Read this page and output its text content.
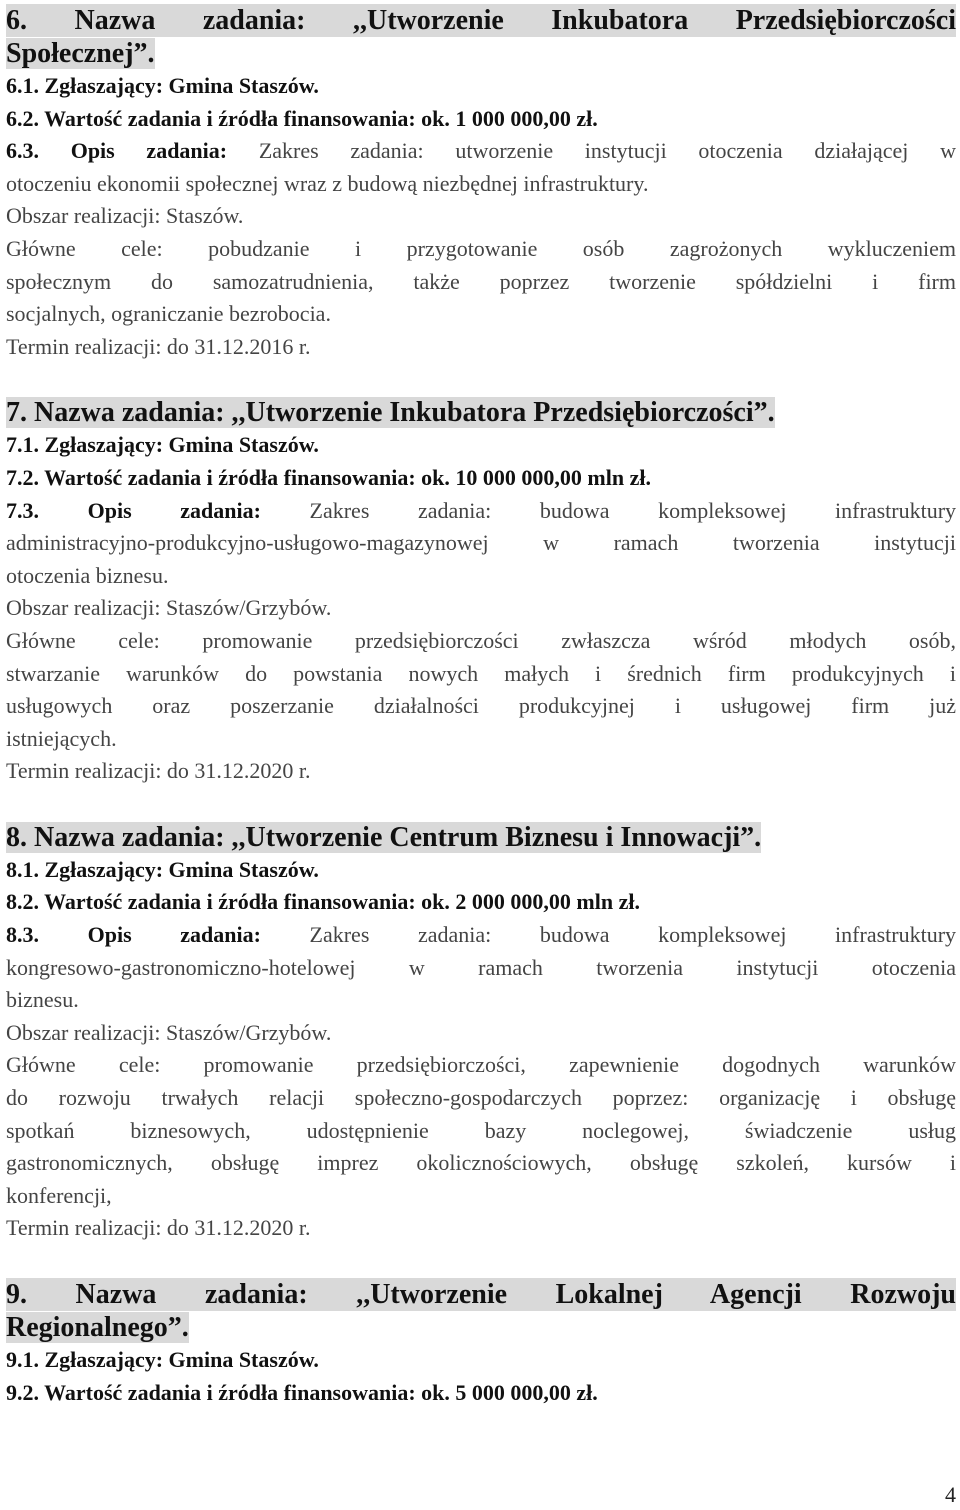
6. Nazwa zadania: ,,Utworzenie Inkubatora Przedsiębiorczości

Społecznej”.

6.1. Zgłaszający: Gmina Staszów.

6.2. Wartość zadania i źródła finansowania: ok. 1 000 000,00 zł.

6.3. Opis zadania: Zakres zadania: utworzenie instytucji otoczenia działającej w

otoczeniu ekonomii społecznej wraz z budową niezbędnej infrastruktury.

Obszar realizacji: Staszów.

Główne cele: pobudzanie i przygotowanie osób zagrożonych wykluczeniem

społecznym do samozatrudnienia, także poprzez tworzenie spółdzielni i firm

socjalnych, ograniczanie bezrobocia.

Termin realizacji: do 31.12.2016 r.

7. Nazwa zadania: ,,Utworzenie Inkubatora Przedsiębiorczości”.

7.1. Zgłaszający: Gmina Staszów.

7.2. Wartość zadania i źródła finansowania: ok. 10 000 000,00 mln zł.

7.3. Opis zadania: Zakres zadania: budowa kompleksowej infrastruktury

administracyjno-produkcyjno-usługowo-magazynowej w ramach tworzenia instytucji

otoczenia biznesu.

Obszar realizacji: Staszów/Grzybów.

Główne cele: promowanie przedsiębiorczości zwłaszcza wśród młodych osób,

stwarzanie warunków do powstania nowych małych i średnich firm produkcyjnych i

usługowych oraz poszerzanie działalności produkcyjnej i usługowej firm już

istniejących.

Termin realizacji: do 31.12.2020 r.

8. Nazwa zadania: ,,Utworzenie Centrum Biznesu i Innowacji”.

8.1. Zgłaszający: Gmina Staszów.

8.2. Wartość zadania i źródła finansowania: ok. 2 000 000,00 mln zł.

8.3. Opis zadania: Zakres zadania: budowa kompleksowej infrastruktury

kongresowo-gastronomiczno-hotelowej w ramach tworzenia instytucji otoczenia

biznesu.

Obszar realizacji: Staszów/Grzybów.

Główne cele: promowanie przedsiębiorczości, zapewnienie dogodnych warunków

do rozwoju trwałych relacji społeczno-gospodarczych poprzez: organizację i obsługę

spotkań biznesowych, udostępnienie bazy noclegowej, świadczenie usług

gastronomicznych, obsługę imprez okolicznościowych, obsługę szkoleń, kursów i

konferencji,

Termin realizacji: do 31.12.2020 r.

9. Nazwa zadania: ,,Utworzenie Lokalnej Agencji Rozwoju

Regionalnego”.

9.1. Zgłaszający: Gmina Staszów.

9.2. Wartość zadania i źródła finansowania: ok. 5 000 000,00 zł.

4
